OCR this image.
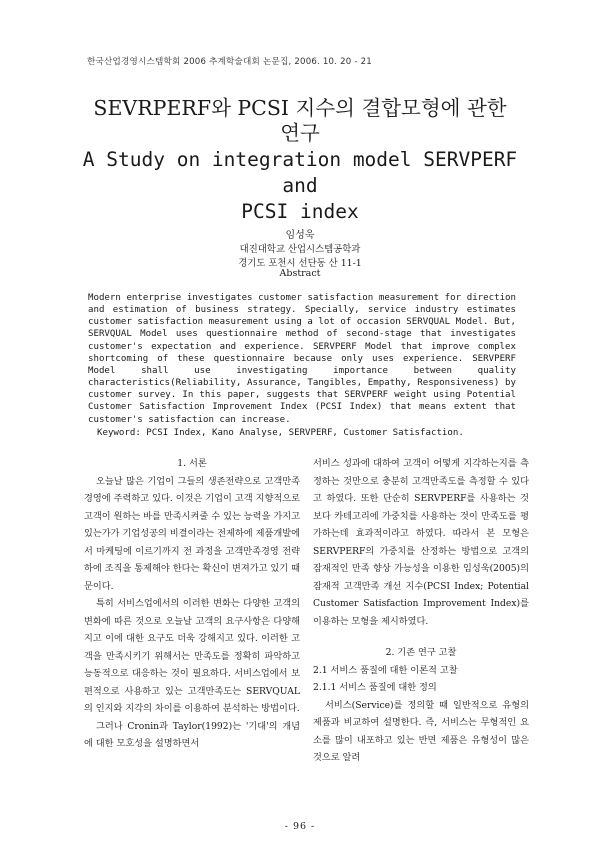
한국산업경영시스템학회 2006 추계학술대회 논문집, 2006. 10. 20 - 21
SEVRPERF와 PCSI 지수의 결합모형에 관한
연구
A Study on integration model SERVPERF and
PCSI index
임성욱
대진대학교 산업시스템공학과
경기도 포천시 선단동 산 11-1
Abstract

Modern enterprise investigates customer satisfaction measurement for direction and estimation of business strategy. Specially, service industry estimates customer satisfaction measurement using a lot of occasion SERVQUAL Model. But, SERVQUAL Model uses questionnaire method of second-stage that investigates customer's expectation and experience. SERVPERF Model that improve complex shortcoming of these questionnaire because only uses experience. SERVPERF Model shall use investigating importance between quality characteristics(Reliability, Assurance, Tangibles, Empathy, Responsiveness) by customer survey. In this paper, suggests that SERVPERF weight using Potential Customer Satisfaction Improvement Index (PCSI Index) that means extent that customer's satisfaction can increase.

Keyword: PCSI Index, Kano Analyse, SERVPERF, Customer Satisfaction.

1. 서론

오늘날 많은 기업이 그들의 생존전략으로 고객만족경영에 주력하고 있다. 이것은 기업이 고객 지향적으로 고객이 원하는 바를 만족시켜줄 수 있는 능력을 가지고 있는가가 기업성공의 비결이라는 전제하에 제품개발에서 마케팅에 이르기까지 전 과정을 고객만족경영 전략하에 조직을 통제해야 한다는 확신이 변져가고 있기 때문이다.

특히 서비스업에서의 이러한 변화는 다양한 고객의 변화에 따른 것으로 오늘날 고객의 요구사항은 다양해지고 이에 대한 요구도 더욱 강해지고 있다. 이러한 고객을 만족시키기 위해서는 만족도를 정확히 파악하고 능동적으로 대응하는 것이 필요하다. 서비스업에서 보편적으로 사용하고 있는 고객만족도는 SERVQUAL의 인지와 지각의 차이를 이용하여 분석하는 방법이다.

그러나 Cronin과 Taylor(1992)는 '기대'의 개념에 대한 모호성을 설명하면서

서비스 성과에 대하여 고객이 어떻게 지각하는지를 측정하는 것만으로 충분히 고객만족도를 측정할 수 있다고 하였다. 또한 단순히 SERVPERF를 사용하는 것 보다 카테고리에 가중치를 사용하는 것이 만족도를 평가하는데 효과적이라고 하였다. 따라서 본 모형은 SERVPERF의 가중치를 산정하는 방법으로 고객의 잠재적인 만족 향상 가능성을 이용한 임성욱(2005)의 잠재적 고객만족 개선 지수(PCSI Index; Potential Customer Satisfaction Improvement Index)를 이용하는 모형을 제시하였다.

2. 기존 연구 고찰

2.1 서비스 품질에 대한 이론적 고찰

2.1.1 서비스 품질에 대한 정의

서비스(Service)를 정의할 때 일반적으로 유형의 제품과 비교하여 설명한다. 즉, 서비스는 무형적인 요소를 많이 내포하고 있는 반면 제품은 유형성이 많은 것으로 알려

- 96 -
